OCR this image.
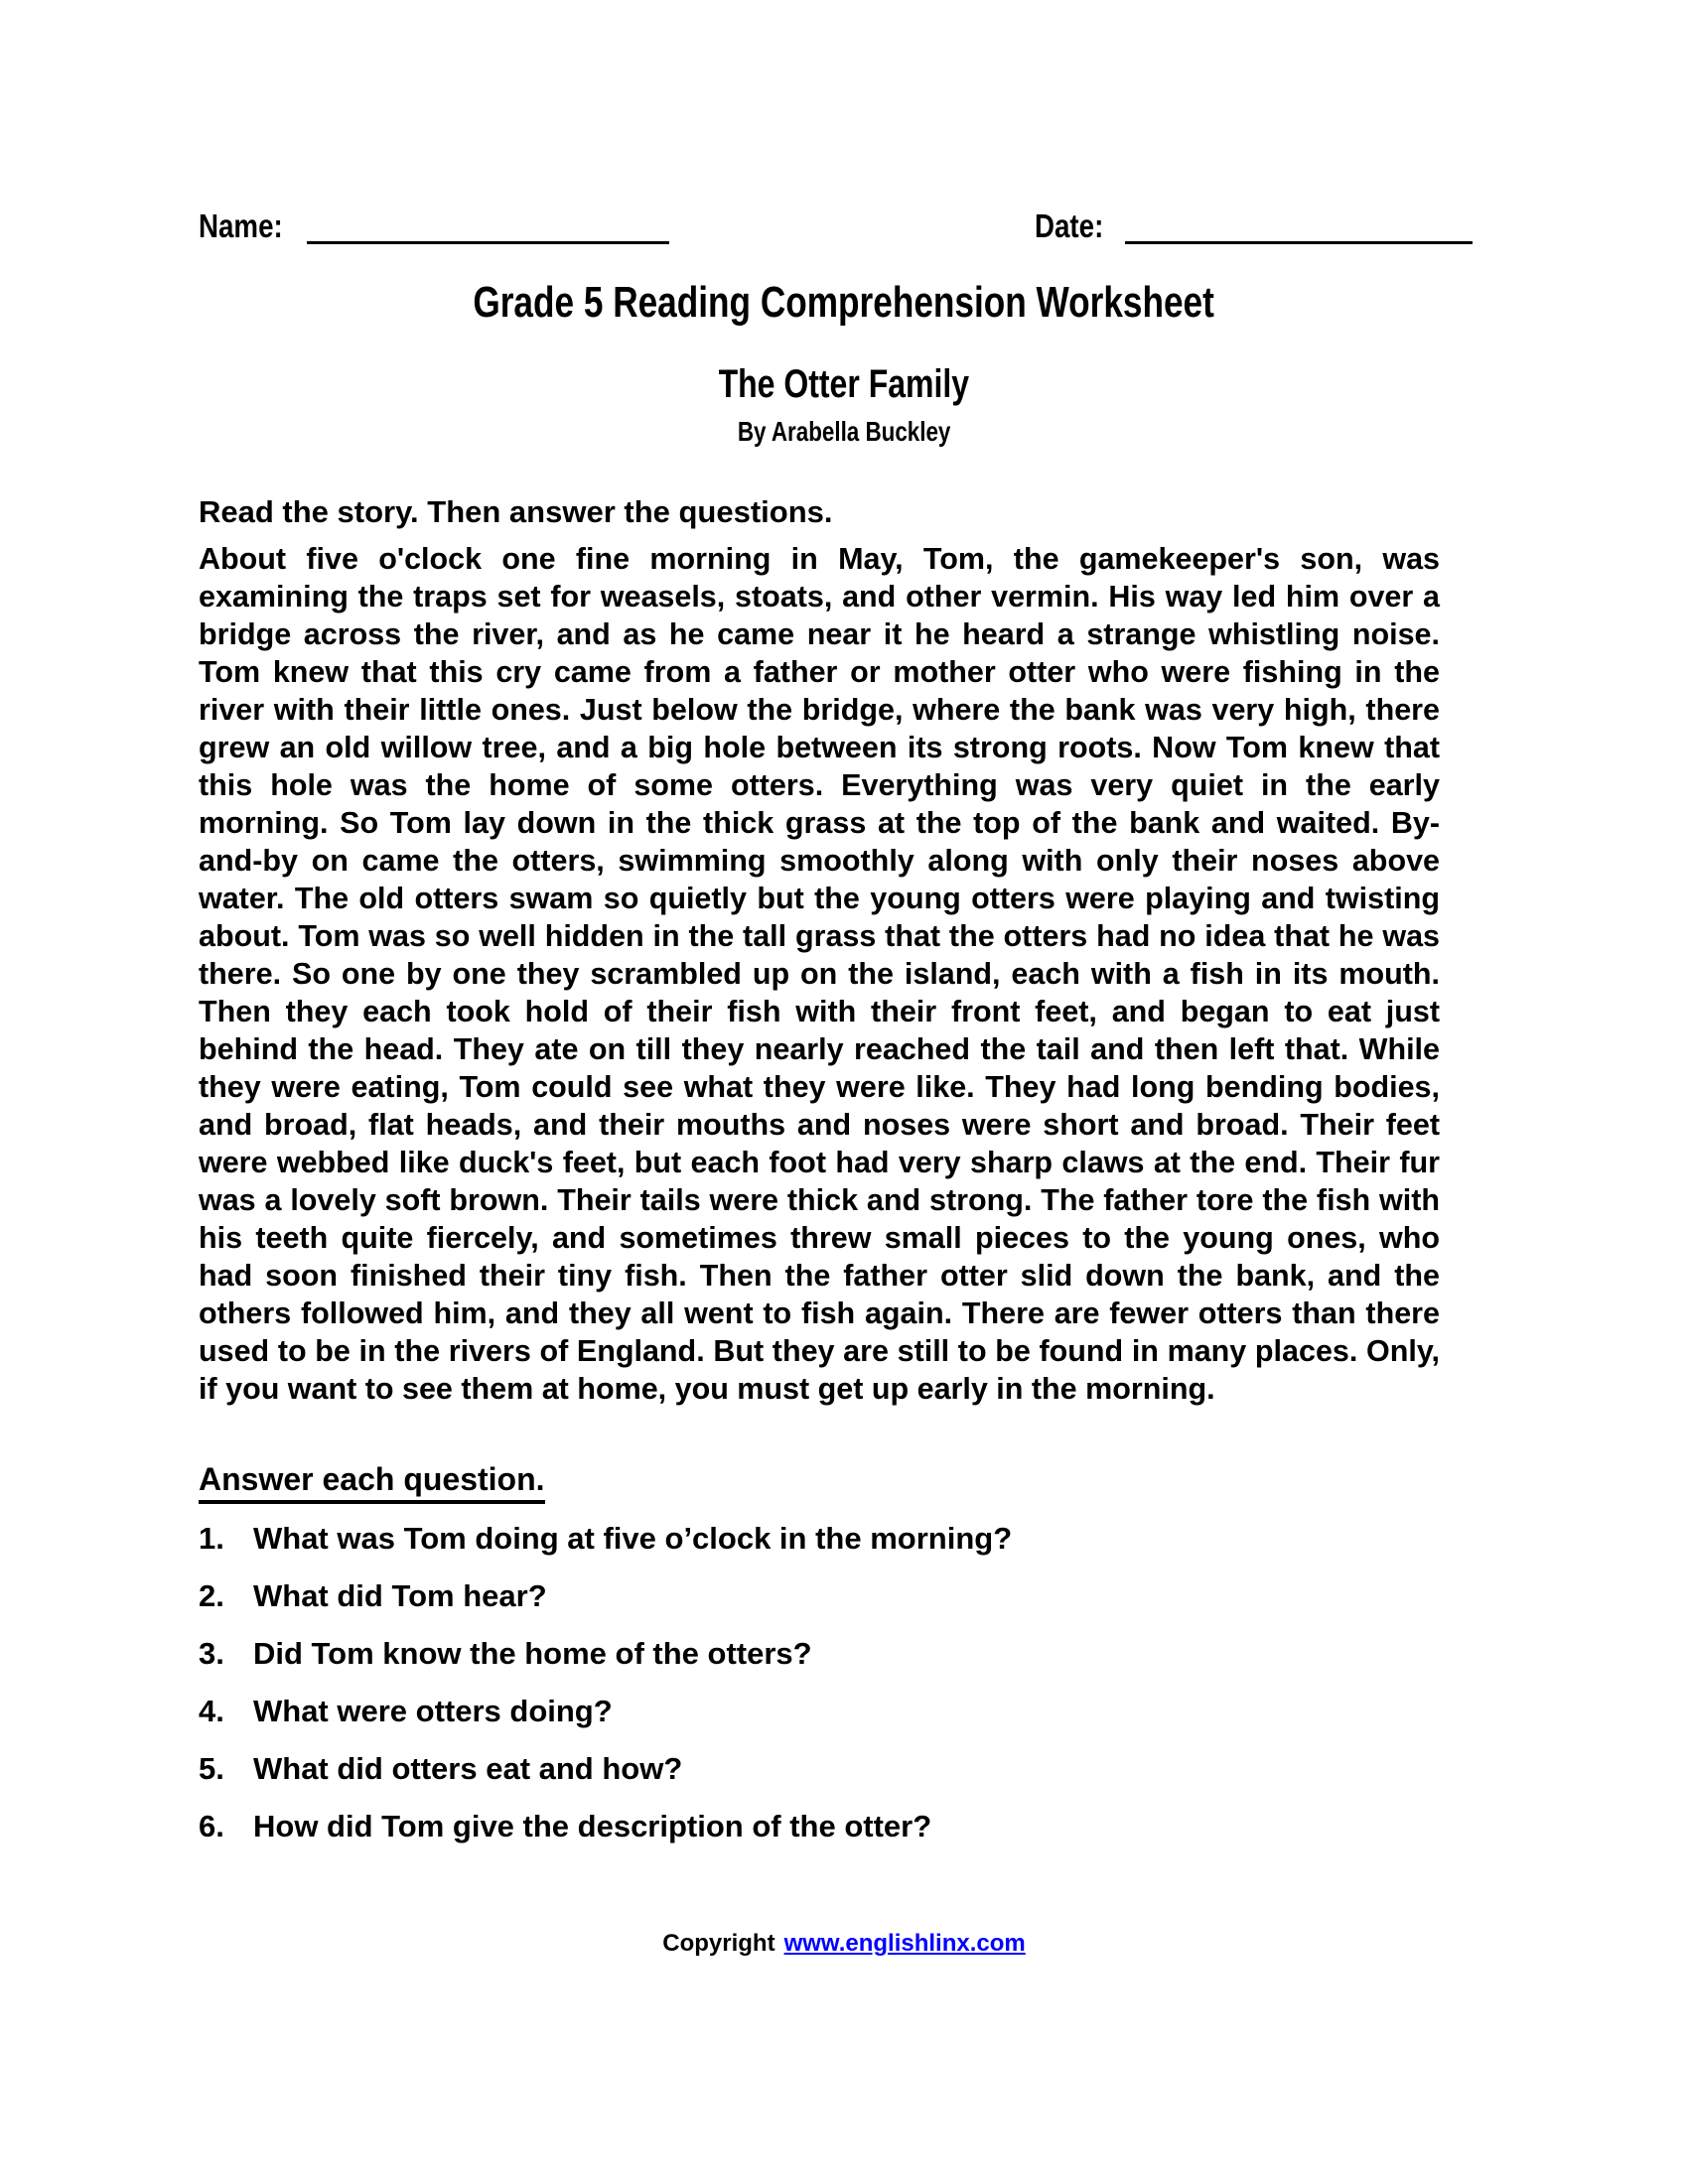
Name:	Date:
Grade 5 Reading Comprehension Worksheet
The Otter Family
By Arabella Buckley

Read the story. Then answer the questions.

About five o'clock one fine morning in May, Tom, the gamekeeper's son, was examining the traps set for weasels, stoats, and other vermin. His way led him over a bridge across the river, and as he came near it he heard a strange whistling noise. Tom knew that this cry came from a father or mother otter who were fishing in the river with their little ones. Just below the bridge, where the bank was very high, there grew an old willow tree, and a big hole between its strong roots. Now Tom knew that this hole was the home of some otters. Everything was very quiet in the early morning. So Tom lay down in the thick grass at the top of the bank and waited. By-and-by on came the otters, swimming smoothly along with only their noses above water. The old otters swam so quietly but the young otters were playing and twisting about. Tom was so well hidden in the tall grass that the otters had no idea that he was there. So one by one they scrambled up on the island, each with a fish in its mouth. Then they each took hold of their fish with their front feet, and began to eat just behind the head. They ate on till they nearly reached the tail and then left that. While they were eating, Tom could see what they were like. They had long bending bodies, and broad, flat heads, and their mouths and noses were short and broad. Their feet were webbed like duck's feet, but each foot had very sharp claws at the end. Their fur was a lovely soft brown. Their tails were thick and strong. The father tore the fish with his teeth quite fiercely, and sometimes threw small pieces to the young ones, who had soon finished their tiny fish. Then the father otter slid down the bank, and the others followed him, and they all went to fish again. There are fewer otters than there used to be in the rivers of England. But they are still to be found in many places. Only, if you want to see them at home, you must get up early in the morning.

Answer each question.
1. What was Tom doing at five o’clock in the morning?
2. What did Tom hear?
3. Did Tom know the home of the otters?
4. What were otters doing?
5. What did otters eat and how?
6. How did Tom give the description of the otter?
Copyright www.englishlinx.com
